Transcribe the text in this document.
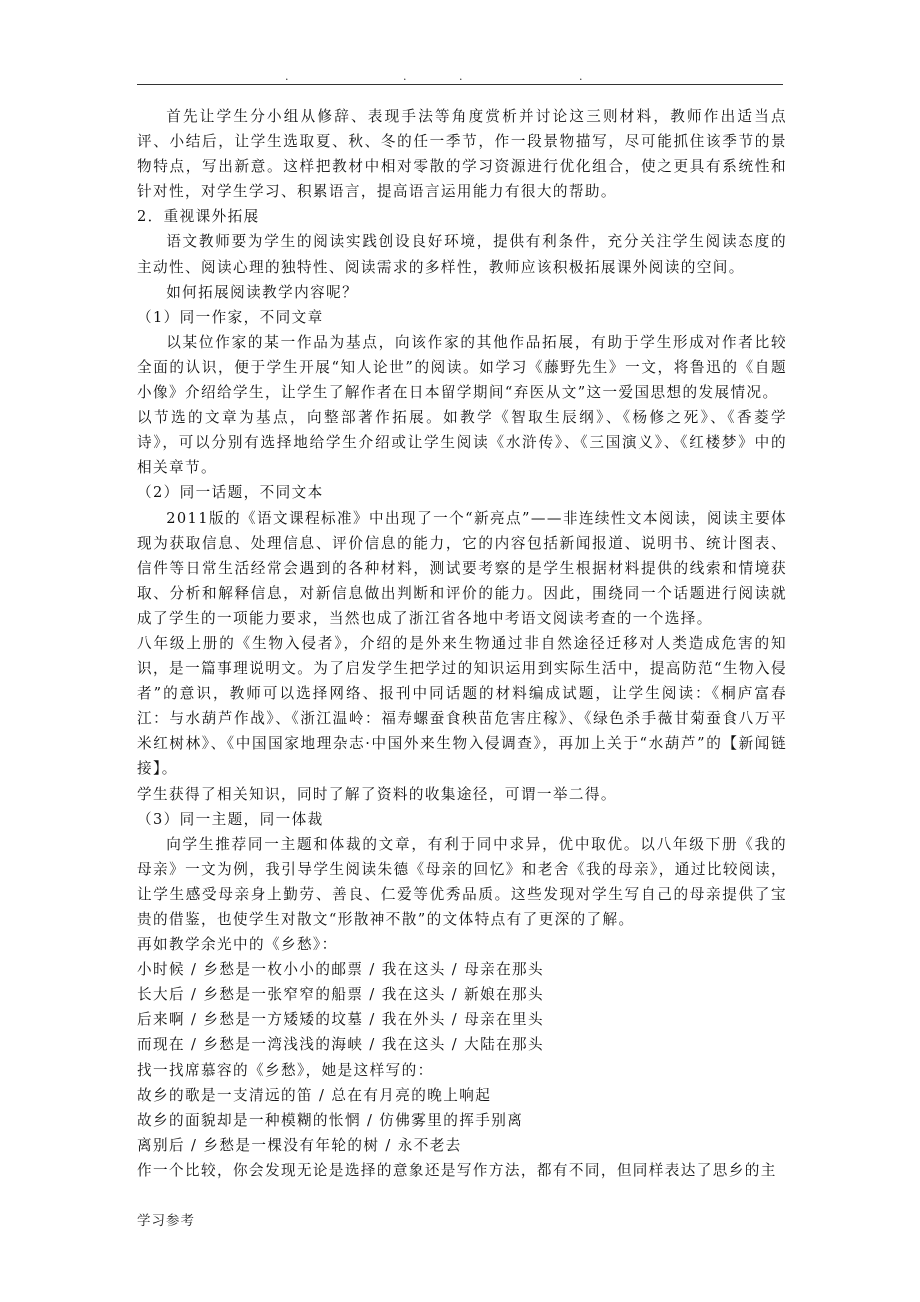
.	.	.	.

首先让学生分小组从修辞、表现手法等角度赏析并讨论这三则材料，教师作出适当点评、小结后，让学生选取夏、秋、冬的任一季节，作一段景物描写，尽可能抓住该季节的景物特点，写出新意。这样把教材中相对零散的学习资源进行优化组合，使之更具有系统性和针对性，对学生学习、积累语言，提高语言运用能力有很大的帮助。

2．重视课外拓展

语文教师要为学生的阅读实践创设良好环境，提供有利条件，充分关注学生阅读态度的主动性、阅读心理的独特性、阅读需求的多样性，教师应该积极拓展课外阅读的空间。

如何拓展阅读教学内容呢？

（1）同一作家，不同文章

以某位作家的某一作品为基点，向该作家的其他作品拓展，有助于学生形成对作者比较全面的认识，便于学生开展“知人论世”的阅读。如学习《藤野先生》一文，将鲁迅的《自题小像》介绍给学生，让学生了解作者在日本留学期间“弃医从文”这一爱国思想的发展情况。

以节选的文章为基点，向整部著作拓展。如教学《智取生辰纲》、《杨修之死》、《香菱学诗》，可以分别有选择地给学生介绍或让学生阅读《水浒传》、《三国演义》、《红楼梦》中的相关章节。

（2）同一话题，不同文本

2011版的《语文课程标准》中出现了一个“新亮点”——非连续性文本阅读，阅读主要体现为获取信息、处理信息、评价信息的能力，它的内容包括新闻报道、说明书、统计图表、信件等日常生活经常会遇到的各种材料，测试要考察的是学生根据材料提供的线索和情境获取、分析和解释信息，对新信息做出判断和评价的能力。因此，围绕同一个话题进行阅读就成了学生的一项能力要求，当然也成了浙江省各地中考语文阅读考查的一个选择。

八年级上册的《生物入侵者》，介绍的是外来生物通过非自然途径迁移对人类造成危害的知识，是一篇事理说明文。为了启发学生把学过的知识运用到实际生活中，提高防范“生物入侵者”的意识，教师可以选择网络、报刊中同话题的材料编成试题，让学生阅读：《桐庐富春江：与水葫芦作战》、《浙江温岭：福寿螺蚕食秧苗危害庄稼》、《绿色杀手薇甘菊蚕食八万平米红树林》、《中国国家地理杂志·中国外来生物入侵调查》，再加上关于“水葫芦”的【新闻链接】。

学生获得了相关知识，同时了解了资料的收集途径，可谓一举二得。

（3）同一主题，同一体裁

向学生推荐同一主题和体裁的文章，有利于同中求异，优中取优。以八年级下册《我的母亲》一文为例，我引导学生阅读朱德《母亲的回忆》和老舍《我的母亲》，通过比较阅读，让学生感受母亲身上勤劳、善良、仁爱等优秀品质。这些发现对学生写自己的母亲提供了宝贵的借鉴，也使学生对散文“形散神不散”的文体特点有了更深的了解。

再如教学余光中的《乡愁》：

小时候 / 乡愁是一枚小小的邮票 / 我在这头 / 母亲在那头

长大后 / 乡愁是一张窄窄的船票 / 我在这头 / 新娘在那头

后来啊 / 乡愁是一方矮矮的坟墓 / 我在外头 / 母亲在里头

而现在 / 乡愁是一湾浅浅的海峡 / 我在这头 / 大陆在那头

找一找席慕容的《乡愁》，她是这样写的：

故乡的歌是一支清远的笛 / 总在有月亮的晚上响起

故乡的面貌却是一种模糊的怅惘 / 仿佛雾里的挥手别离

离别后 / 乡愁是一棵没有年轮的树 / 永不老去

作一个比较，你会发现无论是选择的意象还是写作方法，都有不同，但同样表达了思乡的主

学习参考
